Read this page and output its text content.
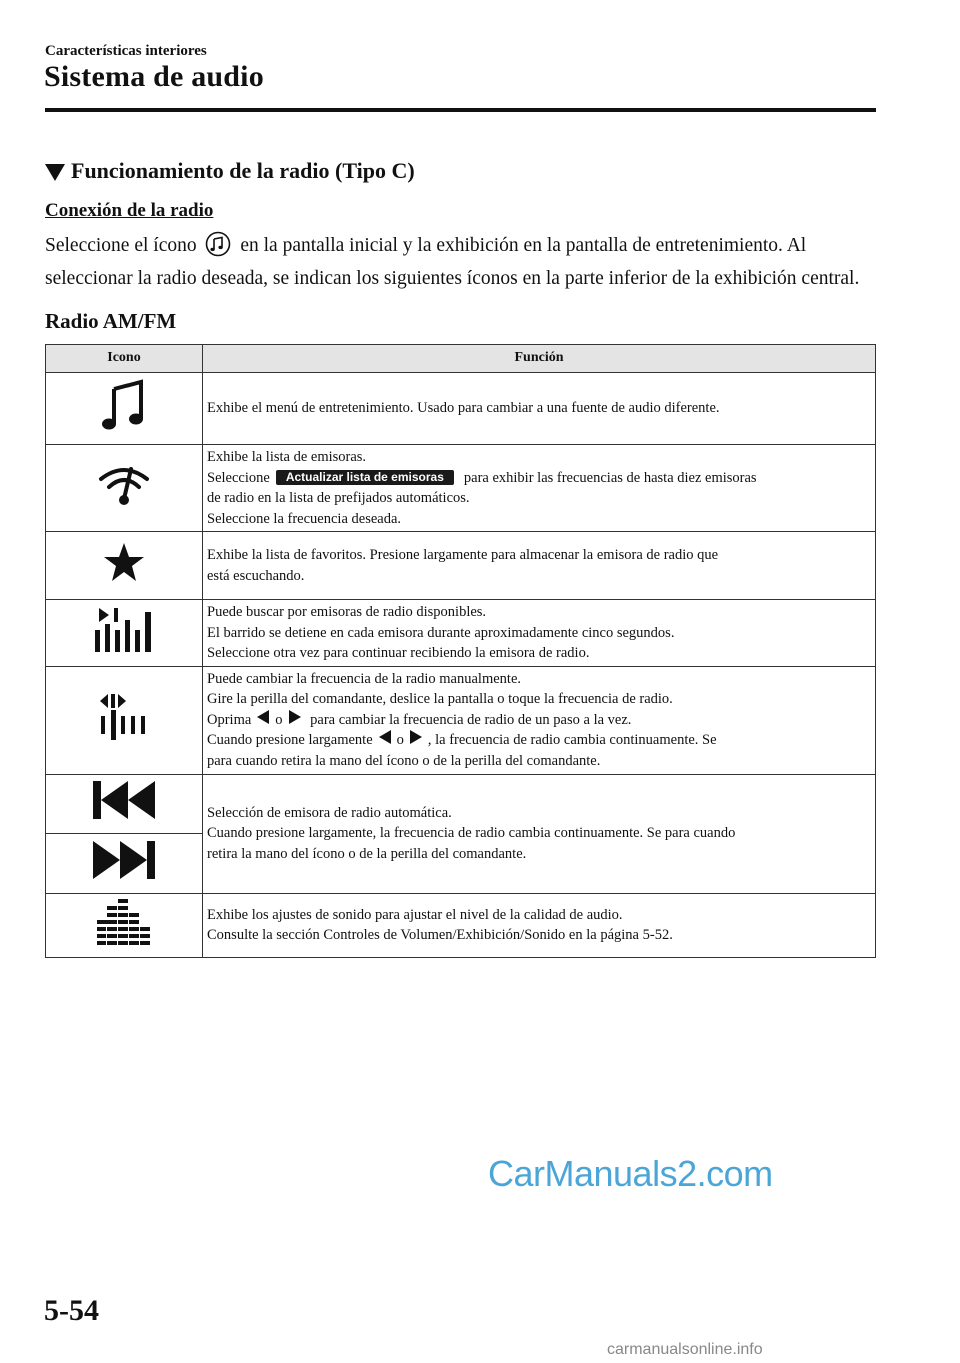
Características interiores
Sistema de audio
Funcionamiento de la radio (Tipo C)
Conexión de la radio
Seleccione el ícono en la pantalla inicial y la exhibición en la pantalla de entretenimiento. Al seleccionar la radio deseada, se indican los siguientes íconos en la parte inferior de la exhibición central.
Radio AM/FM
Icono	Función

Exhibe el menú de entretenimiento. Usado para cambiar a una fuente de audio diferente.

Exhibe la lista de emisoras.
Seleccione Actualizar lista de emisoras para exhibir las frecuencias de hasta diez emisoras
de radio en la lista de prefijados automáticos.
Seleccione la frecuencia deseada.

Exhibe la lista de favoritos. Presione largamente para almacenar la emisora de radio que
está escuchando.

Puede buscar por emisoras de radio disponibles.
El barrido se detiene en cada emisora durante aproximadamente cinco segundos.
Seleccione otra vez para continuar recibiendo la emisora de radio.

Puede cambiar la frecuencia de la radio manualmente.
Gire la perilla del comandante, deslice la pantalla o toque la frecuencia de radio.
Oprima o para cambiar la frecuencia de radio de un paso a la vez.
Cuando presione largamente o , la frecuencia de radio cambia continuamente. Se
para cuando retira la mano del ícono o de la perilla del comandante.

Selección de emisora de radio automática.
Cuando presione largamente, la frecuencia de radio cambia continuamente. Se para cuando
retira la mano del ícono o de la perilla del comandante.

Exhibe los ajustes de sonido para ajustar el nivel de la calidad de audio.
Consulte la sección Controles de Volumen/Exhibición/Sonido en la página 5-52.
CarManuals2.com
5-54
carmanualsonline.info
